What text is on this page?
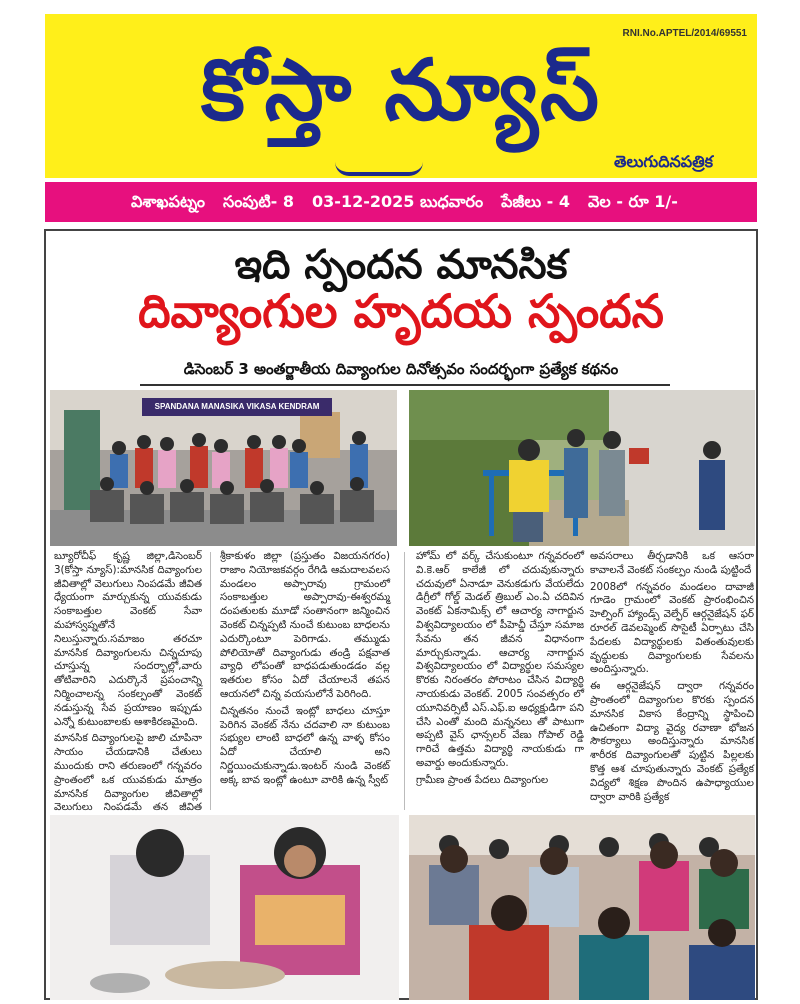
RNI.No.APTEL/2014/69551
కోస్తా న్యూస్
తెలుగుదినపత్రిక
విశాఖపట్నం సంపుటి- 8 03-12-2025 బుధవారం పేజీలు - 4 వెల - రూ 1/-
ఇది స్పందన మానసిక
దివ్యాంగుల హృదయ స్పందన
డిసెంబర్ 3 అంతర్జాతీయ దివ్యాంగుల దినోత్సవం సందర్భంగా ప్రత్యేక కథనం
SPANDANA MANASIKA VIKASA KENDRAM

బ్యూరోచీఫ్ కృష్ణ జిల్లా,డిసెంబర్ 3(కోస్తా న్యూస్):మానసిక దివ్యాంగుల జీవితాల్లో వెలుగులు నింపడమే జీవిత ధ్యేయంగా మార్చుకున్న యువకుడు సంకాబత్తుల వెంకట్ సేవా మహాస్వప్నతోనే నిలుస్తున్నారు.సమాజం తరచూ మానసిక దివ్యాంగులను చిన్నచూపు చూస్తున్న సందర్భాల్లో,వారు తోటివారిని ఎదుర్కొనే ప్రపంచాన్ని నిర్మించాలన్న సంకల్పంతో వెంకట్ నడుస్తున్న సేవ ప్రయాణం ఇప్పుడు ఎన్నో కుటుంబాలకు ఆశాకిరణమైంది.

మానసిక దివ్యాంగులపై జాలి చూపినా సాయం చేయడానికి చేతులు ముందుకు రాని తరుణంలో గన్నవరం ప్రాంతంలో ఒక యువకుడు మాత్రం మానసిక దివ్యాంగుల జీవితాల్లో వెలుగులు నింపడమే తన జీవిత

శ్రీకాకుళం జిల్లా (ప్రస్తుతం విజయనగరం) రాజాం నియోజకవర్గం రేగిడి ఆమదాలవలస మండలం అప్పారావు గ్రామంలో సంకాబత్తుల అప్పారావు-ఈశ్వరమ్మ దంపతులకు మూడో సంతానంగా జన్మించిన వెంకట్ చిన్నప్పటి నుంచే కుటుంబ బాధలను ఎదుర్కొంటూ పెరిగాడు. తమ్ముడు పోలియోతో దివ్యాంగుడు తండ్రి పక్షవాత వ్యాధి లోపంతో బాధపడుతుండడం వల్ల ఇతరుల కోసం ఏదో చేయాలనే తపన ఆయనలో చిన్న వయసులోనే పెరిగింది.

చిన్నతనం నుంచే ఇంట్లో బాధలు చూస్తూ పెరిగిన వెంకట్ నేను చదవాలి నా కుటుంబ సభ్యుల లాంటి బాధలో ఉన్న వాళ్ళ కోసం ఏదో చేయాలి అని నిర్ణయించుకున్నాడు.ఇంటర్ నుండి వెంకట్ అక్క బావ ఇంట్లో ఉంటూ వారికి ఉన్న స్వీట్

హోమ్ లో వర్క్ చేసుకుంటూ గన్నవరంలో వి.కె.ఆర్ కాలేజీ లో చదువుకున్నారు చదువులో ఏనాడూ వెనుకడుగు వేయలేదు డిగ్రీలో గోల్డ్ మెడల్ త్రిబుల్ ఎం.ఏ చదివిన వెంకట్ ఏకనామిక్స్ లో ఆచార్య నాగార్జున విశ్వవిద్యాలయం లో పీహెచ్డీ చేస్తూ సమాజ సేవను తన జీవన విధానంగా మార్చుకున్నాడు. ఆచార్య నాగార్జున విశ్వవిద్యాలయం లో విద్యార్థుల సమస్యల కొరకు నిరంతరం పోరాటం చేసిన విద్యార్థి నాయకుడు వెంకట్. 2005 సంవత్సరం లో యూనివర్సిటీ ఎస్.ఎఫ్.ఐ అధ్యక్షుడిగా పని చేసి ఎంతో మంది మన్ననలు తో పాటుగా అప్పటి వైస్ ఛాన్సలర్ వేణు గోపాల్ రెడ్డి గారిచే ఉత్తమ విద్యార్థి నాయకుడు గా అవార్డు అందుకున్నారు.

గ్రామీణ ప్రాంత పేదలు దివ్యాంగుల

అవసరాలు తీర్చడానికి ఒక ఆసరా కావాలనే వెంకట్ సంకల్పం నుండి పుట్టిందే

2008లో గన్నవరం మండలం దావాజీ గూడెం గ్రామంలో వెంకట్ ప్రారంభించిన హెల్పింగ్ హ్యాండ్స్ వెల్ఫేర్ ఆర్గనైజేషన్ ఫర్ రూరల్ డెవలప్మెంట్ సొసైటీ ఏర్పాటు చేసి పేదలకు విద్యార్థులకు వితంతువులకు వృద్ధులకు దివ్యాంగులకు సేవలను అందిస్తున్నారు.

ఈ ఆర్గనైజేషన్ ద్వారా గన్నవరం ప్రాంతంలో దివ్యాంగుల కొరకు స్పందన మానసిక వికాస కేంద్రాన్ని స్థాపించి ఉచితంగా విద్యా వైద్య రవాణా భోజన సౌకర్యాలు అందిస్తున్నారు మానసిక శారీరక దివ్యాంగులతో పుట్టిన పిల్లలకు కొత్త ఆశ చూపుతున్నారు వెంకట్ ప్రత్యేక విద్యలో శిక్షణ పొందిన ఉపాధ్యాయుల ద్వారా వారికి ప్రత్యేక
